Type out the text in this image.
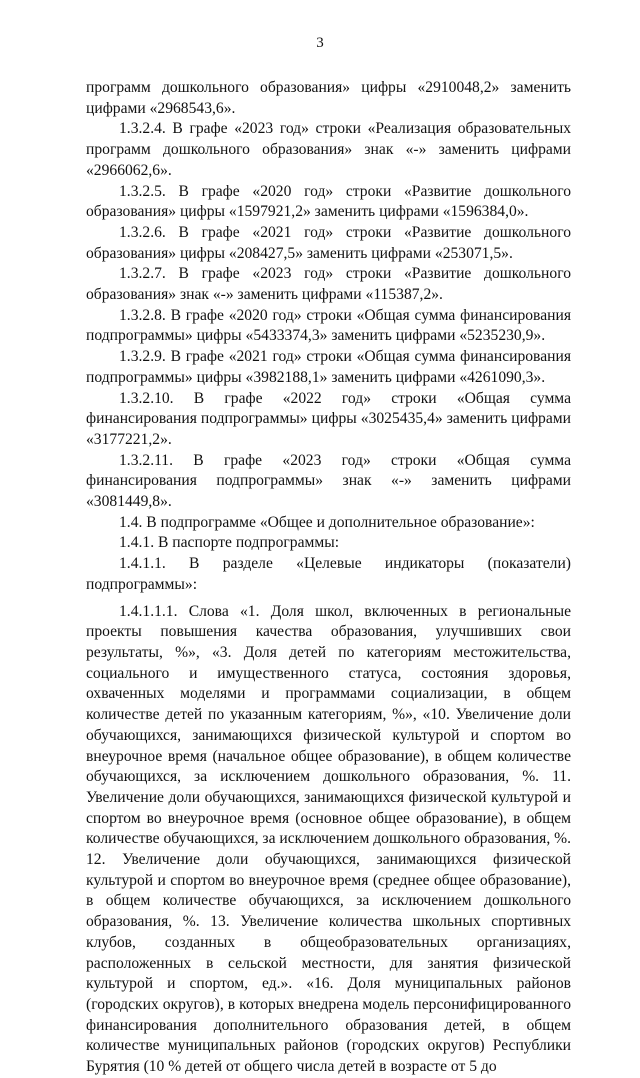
3

программ дошкольного образования» цифры «2910048,2» заменить цифрами «2968543,6».

1.3.2.4. В графе «2023 год» строки «Реализация образовательных программ дошкольного образования» знак «-» заменить цифрами «2966062,6».

1.3.2.5. В графе «2020 год» строки «Развитие дошкольного образования» цифры «1597921,2» заменить цифрами «1596384,0».

1.3.2.6. В графе «2021 год» строки «Развитие дошкольного образования» цифры «208427,5» заменить цифрами «253071,5».

1.3.2.7. В графе «2023 год» строки «Развитие дошкольного образования» знак «-» заменить цифрами «115387,2».

1.3.2.8. В графе «2020 год» строки «Общая сумма финансирования подпрограммы» цифры «5433374,3» заменить цифрами «5235230,9».

1.3.2.9. В графе «2021 год» строки «Общая сумма финансирования подпрограммы» цифры «3982188,1» заменить цифрами «4261090,3».

1.3.2.10. В графе «2022 год» строки «Общая сумма финансирования подпрограммы» цифры «3025435,4» заменить цифрами «3177221,2».

1.3.2.11. В графе «2023 год» строки «Общая сумма финансирования подпрограммы» знак «-» заменить цифрами «3081449,8».

1.4. В подпрограмме «Общее и дополнительное образование»:

1.4.1. В паспорте подпрограммы:

1.4.1.1. В разделе «Целевые индикаторы (показатели) подпрограммы»:

1.4.1.1.1. Слова «1. Доля школ, включенных в региональные проекты повышения качества образования, улучшивших свои результаты, %», «3. Доля детей по категориям местожительства, социального и имущественного статуса, состояния здоровья, охваченных моделями и программами социализации, в общем количестве детей по указанным категориям, %», «10. Увеличение доли обучающихся, занимающихся физической культурой и спортом во внеурочное время (начальное общее образование), в общем количестве обучающихся, за исключением дошкольного образования, %. 11. Увеличение доли обучающихся, занимающихся физической культурой и спортом во внеурочное время (основное общее образование), в общем количестве обучающихся, за исключением дошкольного образования, %. 12. Увеличение доли обучающихся, занимающихся физической культурой и спортом во внеурочное время (среднее общее образование), в общем количестве обучающихся, за исключением дошкольного образования, %. 13. Увеличение количества школьных спортивных клубов, созданных в общеобразовательных организациях, расположенных в сельской местности, для занятия физической культурой и спортом, ед.». «16. Доля муниципальных районов (городских округов), в которых внедрена модель персонифицированного финансирования дополнительного образования детей, в общем количестве муниципальных районов (городских округов) Республики Бурятия (10 % детей от общего числа детей в возрасте от 5 до
